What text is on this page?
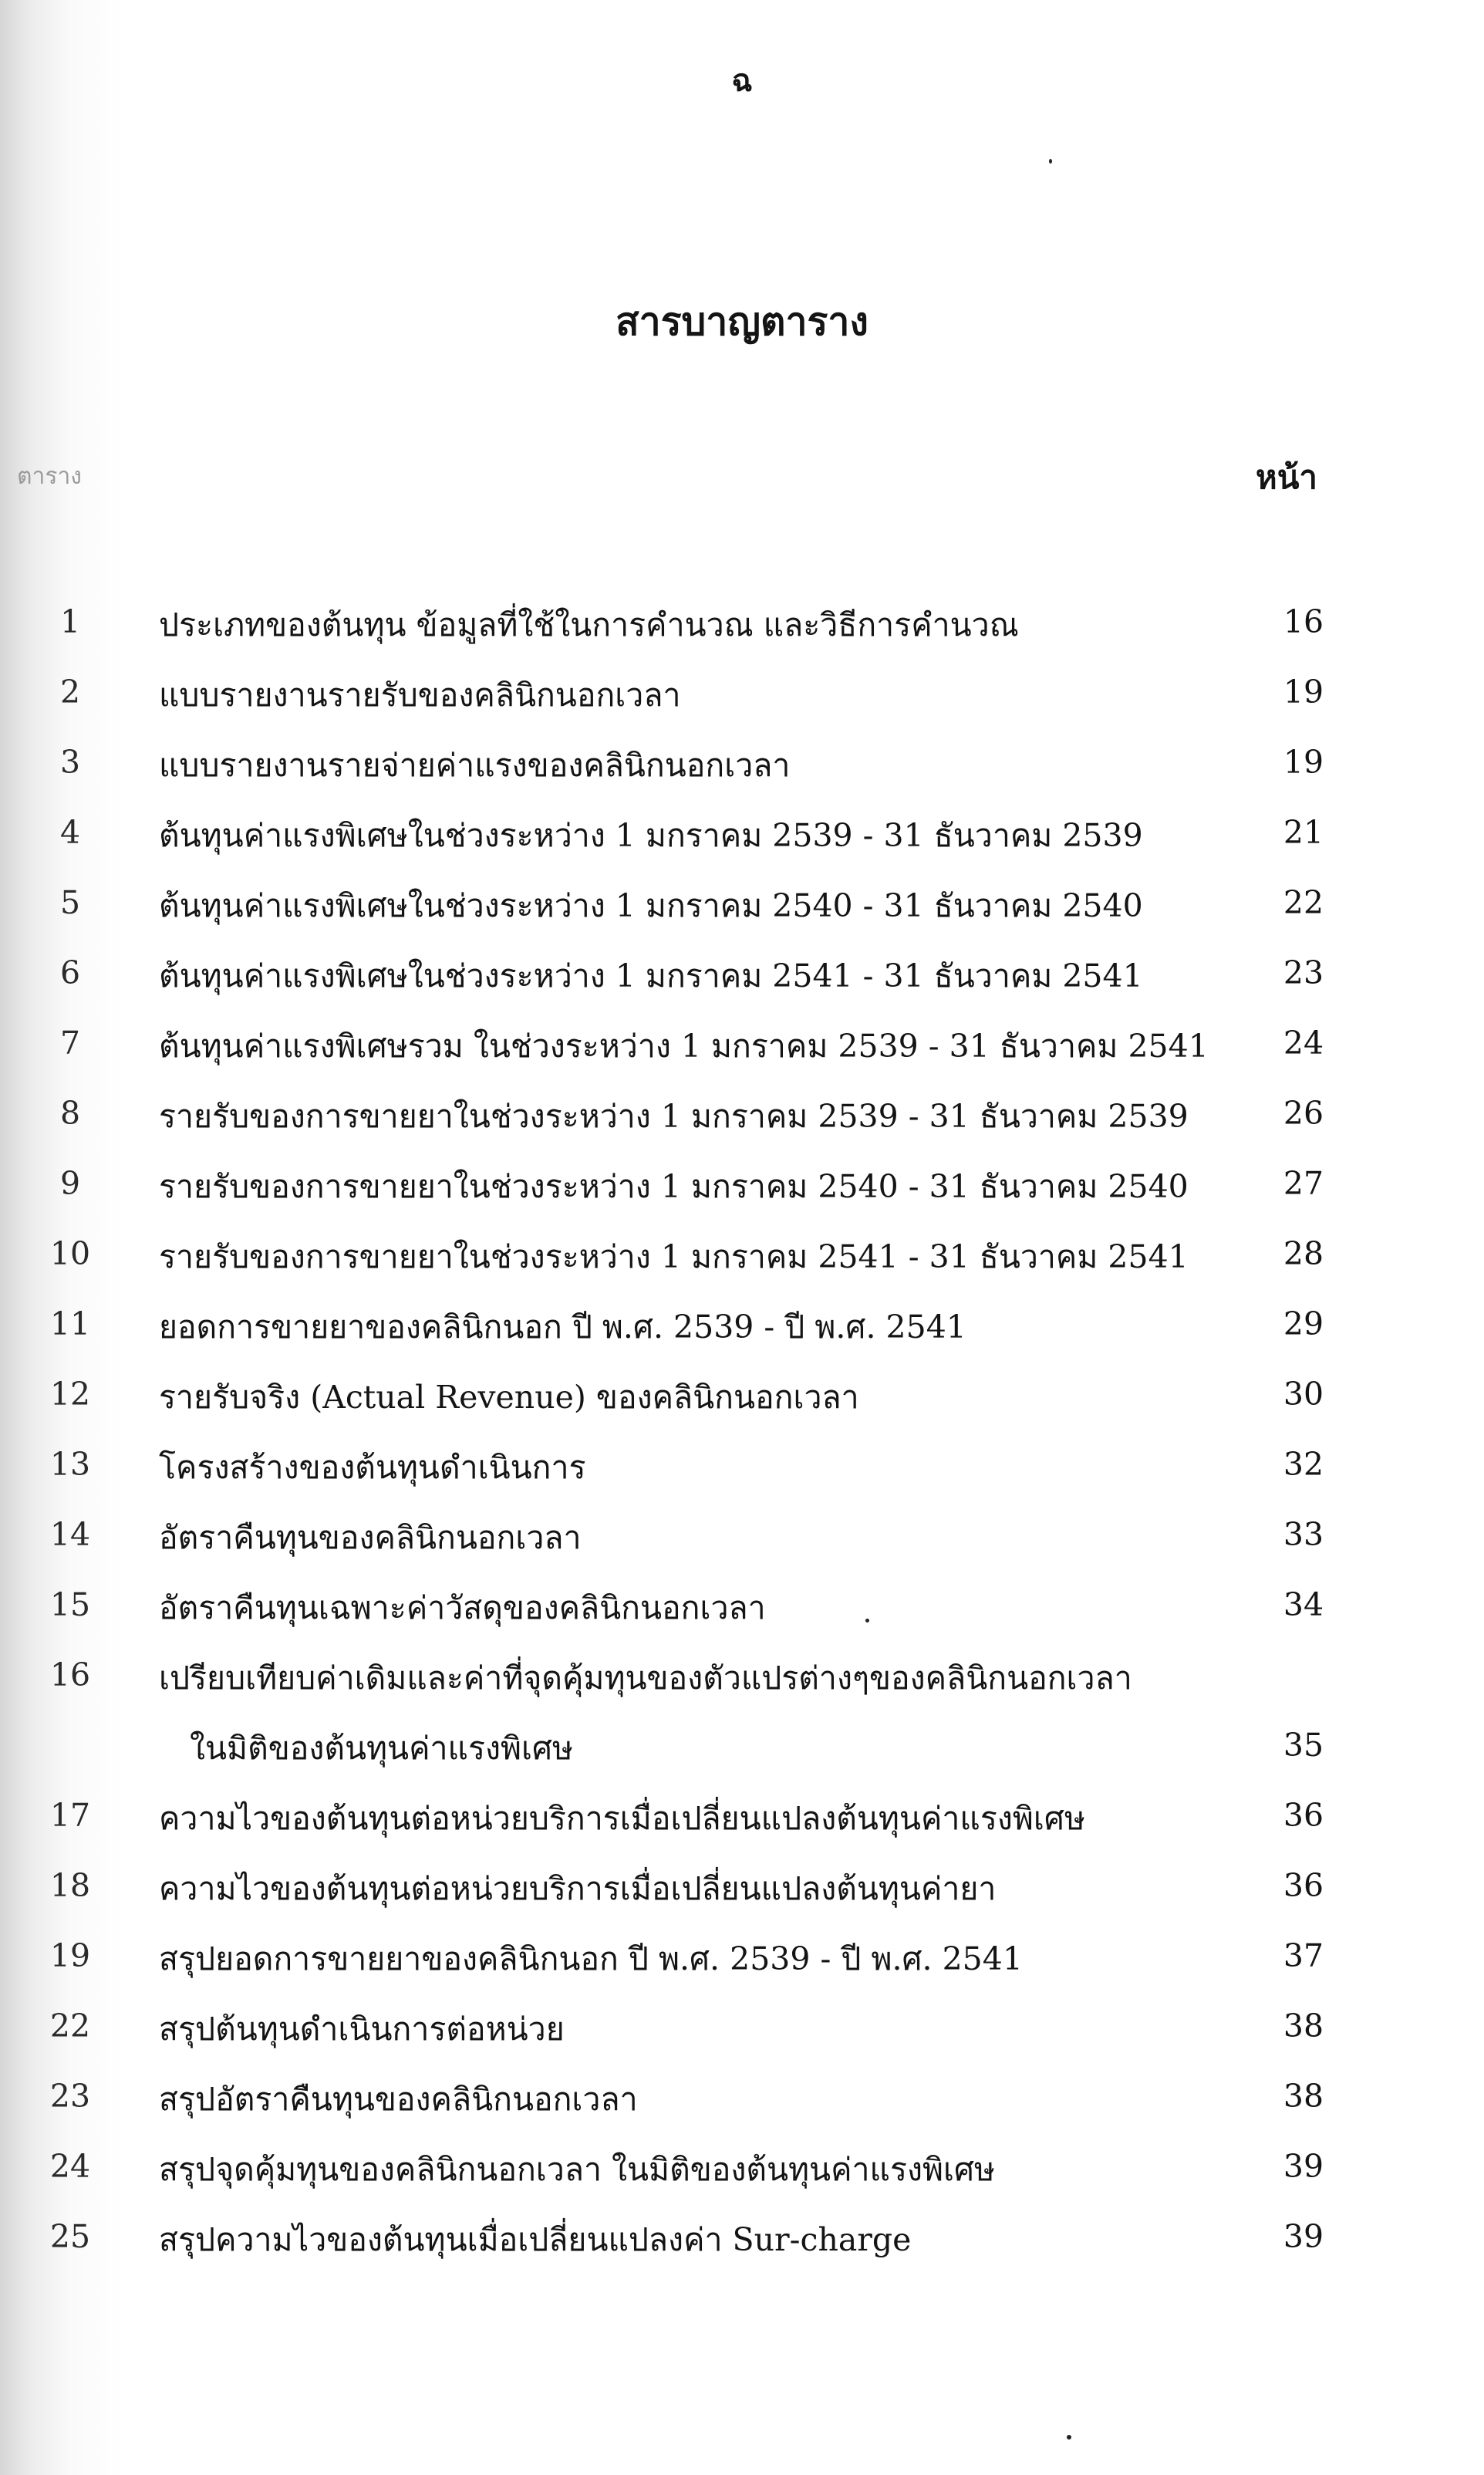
ฉ
สารบาญตาราง
ตาราง	หน้า
1	ประเภทของต้นทุน ข้อมูลที่ใช้ในการคำนวณ และวิธีการคำนวณ	16
2	แบบรายงานรายรับของคลินิกนอกเวลา	19
3	แบบรายงานรายจ่ายค่าแรงของคลินิกนอกเวลา	19
4	ต้นทุนค่าแรงพิเศษในช่วงระหว่าง 1 มกราคม 2539 - 31 ธันวาคม 2539	21
5	ต้นทุนค่าแรงพิเศษในช่วงระหว่าง 1 มกราคม 2540 - 31 ธันวาคม 2540	22
6	ต้นทุนค่าแรงพิเศษในช่วงระหว่าง 1 มกราคม 2541 - 31 ธันวาคม 2541	23
7	ต้นทุนค่าแรงพิเศษรวม ในช่วงระหว่าง 1 มกราคม 2539 - 31 ธันวาคม 2541	24
8	รายรับของการขายยาในช่วงระหว่าง 1 มกราคม 2539 - 31 ธันวาคม 2539	26
9	รายรับของการขายยาในช่วงระหว่าง 1 มกราคม 2540 - 31 ธันวาคม 2540	27
10	รายรับของการขายยาในช่วงระหว่าง 1 มกราคม 2541 - 31 ธันวาคม 2541	28
11	ยอดการขายยาของคลินิกนอก ปี พ.ศ. 2539 - ปี พ.ศ. 2541	29
12	รายรับจริง (Actual Revenue) ของคลินิกนอกเวลา	30
13	โครงสร้างของต้นทุนดำเนินการ	32
14	อัตราคืนทุนของคลินิกนอกเวลา	33
15	อัตราคืนทุนเฉพาะค่าวัสดุของคลินิกนอกเวลา	34
16	เปรียบเทียบค่าเดิมและค่าที่จุดคุ้มทุนของตัวแปรต่างๆของคลินิกนอกเวลา
ในมิติของต้นทุนค่าแรงพิเศษ	35
17	ความไวของต้นทุนต่อหน่วยบริการเมื่อเปลี่ยนแปลงต้นทุนค่าแรงพิเศษ	36
18	ความไวของต้นทุนต่อหน่วยบริการเมื่อเปลี่ยนแปลงต้นทุนค่ายา	36
19	สรุปยอดการขายยาของคลินิกนอก ปี พ.ศ. 2539 - ปี พ.ศ. 2541	37
22	สรุปต้นทุนดำเนินการต่อหน่วย	38
23	สรุปอัตราคืนทุนของคลินิกนอกเวลา	38
24	สรุปจุดคุ้มทุนของคลินิกนอกเวลา ในมิติของต้นทุนค่าแรงพิเศษ	39
25	สรุปความไวของต้นทุนเมื่อเปลี่ยนแปลงค่า Sur-charge	39
